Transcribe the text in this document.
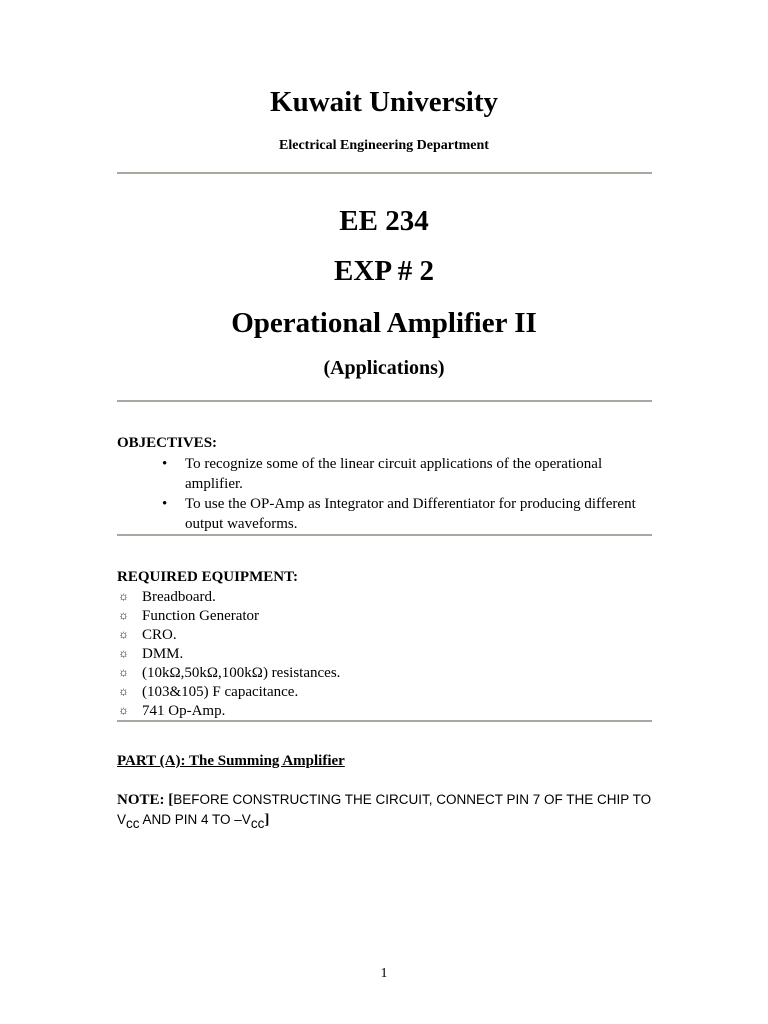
Kuwait University
Electrical Engineering Department
EE 234
EXP # 2
Operational Amplifier II
(Applications)
OBJECTIVES:
• To recognize some of the linear circuit applications of the operational amplifier.
• To use the OP-Amp as Integrator and Differentiator for producing different output waveforms.
REQUIRED EQUIPMENT:
☼ Breadboard.
☼ Function Generator
☼ CRO.
☼ DMM.
☼ (10kΩ,50kΩ,100kΩ) resistances.
☼ (103&105) F capacitance.
☼ 741 Op-Amp.
PART (A): The Summing Amplifier
NOTE: [BEFORE CONSTRUCTING THE CIRCUIT, CONNECT PIN 7 OF THE CHIP TO $V_{cc}$ AND PIN 4 TO $-V_{cc}$]
1
